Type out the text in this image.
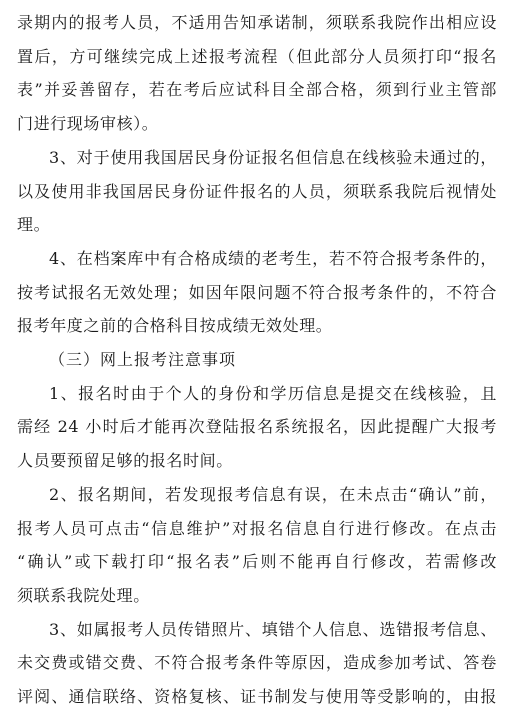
录期内的报考人员，不适用告知承诺制，须联系我院作出相应设
置后，方可继续完成上述报考流程（但此部分人员须打印“报名
表”并妥善留存，若在考后应试科目全部合格，须到行业主管部
门进行现场审核）。
3、对于使用我国居民身份证报名但信息在线核验未通过的，
以及使用非我国居民身份证件报名的人员，须联系我院后视情处
理。
4、在档案库中有合格成绩的老考生，若不符合报考条件的，
按考试报名无效处理；如因年限问题不符合报考条件的，不符合
报考年度之前的合格科目按成绩无效处理。
（三）网上报考注意事项
1、报名时由于个人的身份和学历信息是提交在线核验，且
需经 24 小时后才能再次登陆报名系统报名，因此提醒广大报考
人员要预留足够的报名时间。
2、报名期间，若发现报考信息有误，在未点击“确认”前，
报考人员可点击“信息维护”对报名信息自行进行修改。在点击
“确认”或下载打印“报名表”后则不能再自行修改，若需修改
须联系我院处理。
3、如属报考人员传错照片、填错个人信息、选错报考信息、
未交费或错交费、不符合报考条件等原因，造成参加考试、答卷
评阅、通信联络、资格复核、证书制发与使用等受影响的，由报
